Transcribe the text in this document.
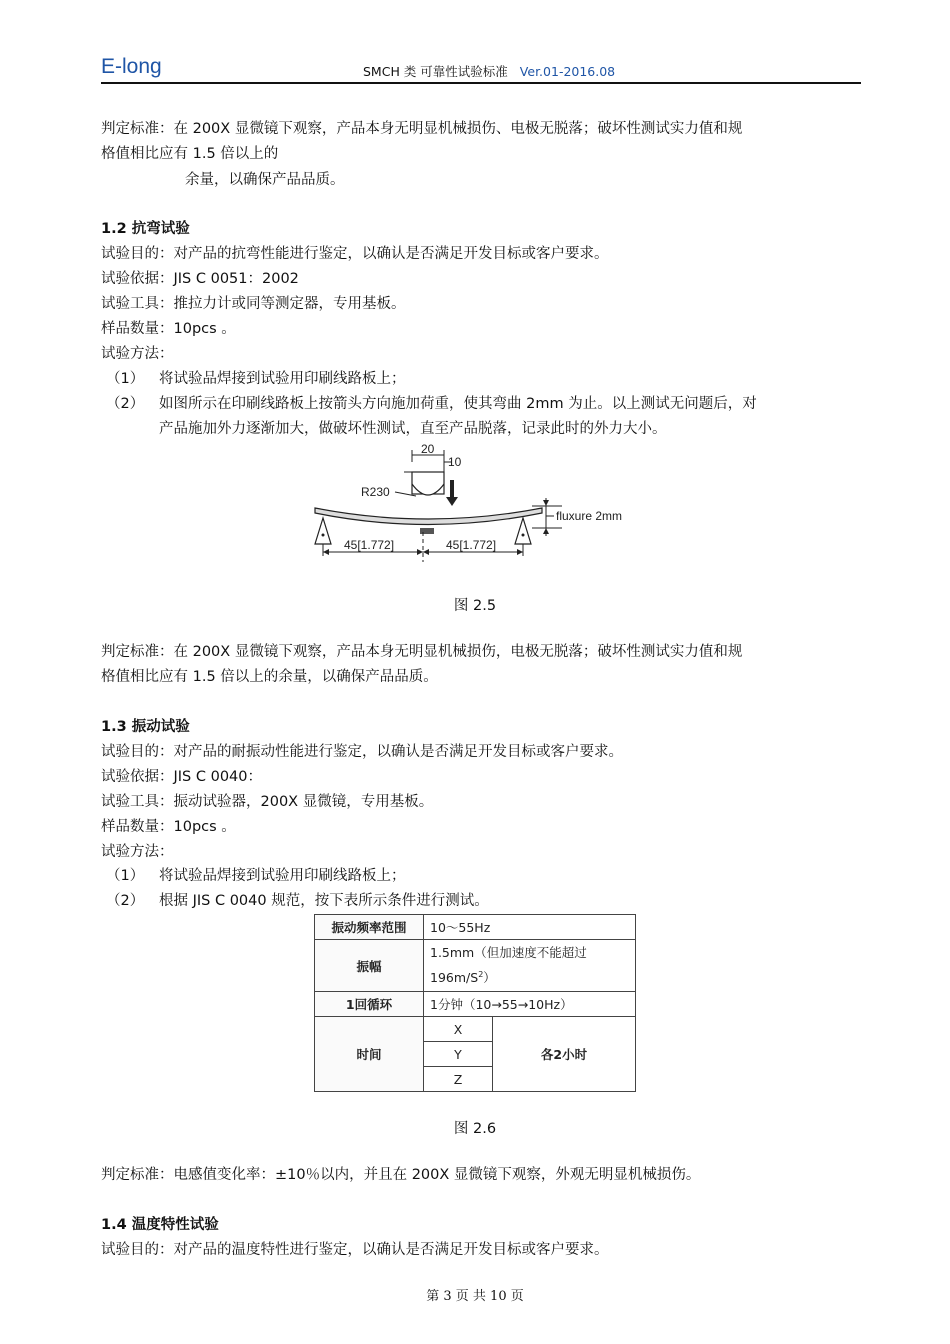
E-long	SMCH 类 可靠性试验标准 Ver.01-2016.08
判定标准：在 200X 显微镜下观察，产品本身无明显机械损伤、电极无脱落；破坏性测试实力值和规
格值相比应有 1.5 倍以上的
余量，以确保产品品质。
1.2 抗弯试验
试验目的：对产品的抗弯性能进行鉴定，以确认是否满足开发目标或客户要求。
试验依据：JIS C 0051：2002
试验工具：推拉力计或同等测定器，专用基板。
样品数量：10pcs 。
试验方法：
（1） 将试验品焊接到试验用印刷线路板上；
（2） 如图所示在印刷线路板上按箭头方向施加荷重，使其弯曲 2mm 为止。以上测试无问题后，对
产品施加外力逐渐加大，做破坏性测试，直至产品脱落，记录此时的外力大小。
20
10
R230
fluxure 2mm
45[1.772]	45[1.772]
图 2.5
判定标准：在 200X 显微镜下观察，产品本身无明显机械损伤，电极无脱落；破坏性测试实力值和规
格值相比应有 1.5 倍以上的余量，以确保产品品质。
1.3 振动试验
试验目的：对产品的耐振动性能进行鉴定，以确认是否满足开发目标或客户要求。
试验依据：JIS C 0040：
试验工具：振动试验器，200X 显微镜，专用基板。
样品数量：10pcs 。
试验方法：
（1） 将试验品焊接到试验用印刷线路板上；
（2） 根据 JIS C 0040 规范，按下表所示条件进行测试。
振动频率范围	10～55Hz	
振幅	1.5mm（但加速度不能超过
$196m/S^2$）	
1回循环	1分钟（10→55→10Hz）	
时间	X	各2小时
	Y	
	Z	
图 2.6
判定标准：电感值变化率：±10％以内，并且在 200X 显微镜下观察，外观无明显机械损伤。
1.4 温度特性试验
试验目的：对产品的温度特性进行鉴定，以确认是否满足开发目标或客户要求。
第 3 页 共 10 页
